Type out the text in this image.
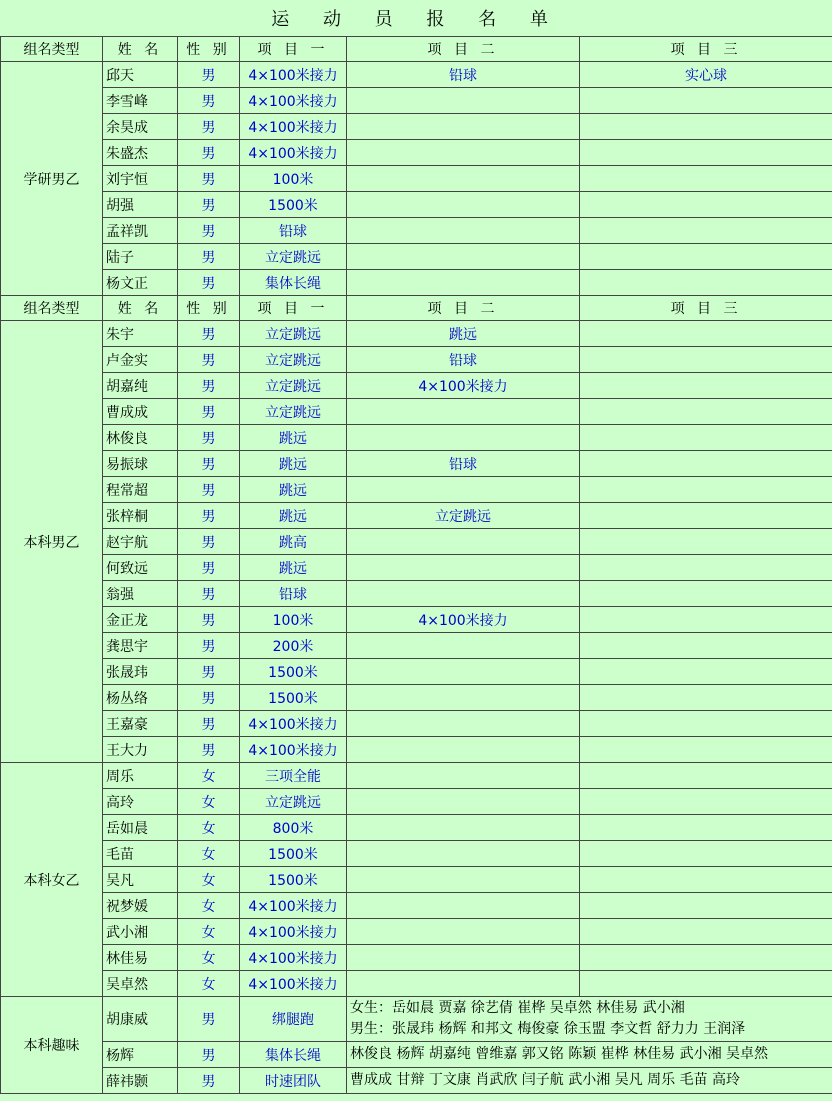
运 动 员 报 名 单					
组名类型	姓 名	性 别	项 目 一	项 目 二	项 目 三
学研男乙	邱天	男	4×100米接力	铅球	实心球
	李雪峰	男	4×100米接力		
	余昊成	男	4×100米接力		
	朱盛杰	男	4×100米接力		
	刘宇恒	男	100米		
	胡强	男	1500米		
	孟祥凯	男	铅球		
	陆子	男	立定跳远		
	杨文正	男	集体长绳		
组名类型	姓 名	性 别	项 目 一	项 目 二	项 目 三
本科男乙	朱宇	男	立定跳远	跳远	
	卢金实	男	立定跳远	铅球	
	胡嘉纯	男	立定跳远	4×100米接力	
	曹成成	男	立定跳远		
	林俊良	男	跳远		
	易振球	男	跳远	铅球	
	程常超	男	跳远		
	张梓桐	男	跳远	立定跳远	
	赵宇航	男	跳高		
	何致远	男	跳远		
	翁强	男	铅球		
	金正龙	男	100米	4×100米接力	
	龚思宇	男	200米		
	张晟玮	男	1500米		
	杨丛络	男	1500米		
	王嘉豪	男	4×100米接力		
	王大力	男	4×100米接力		
本科女乙	周乐	女	三项全能		
	高玲	女	立定跳远		
	岳如晨	女	800米		
	毛苗	女	1500米		
	吴凡	女	1500米		
	祝梦媛	女	4×100米接力		
	武小湘	女	4×100米接力		
	林佳易	女	4×100米接力		
	吴卓然	女	4×100米接力		
本科趣味	胡康威	男	绑腿跑	女生：岳如晨 贾嘉 徐艺倩 崔桦 吴卓然 林佳易 武小湘
男生：张晟玮 杨辉 和邦文 梅俊豪 徐玉盟 李文哲 舒力力 王润泽	

	杨辉	男	集体长绳	林俊良 杨辉 胡嘉纯 曾维嘉 郭又铭 陈颖 崔桦 林佳易 武小湘 吴卓然	

	薛祎颢	男	时速团队	曹成成 甘辩 丁文康 肖武欣 闫子航 武小湘 吴凡 周乐 毛苗 高玲	
